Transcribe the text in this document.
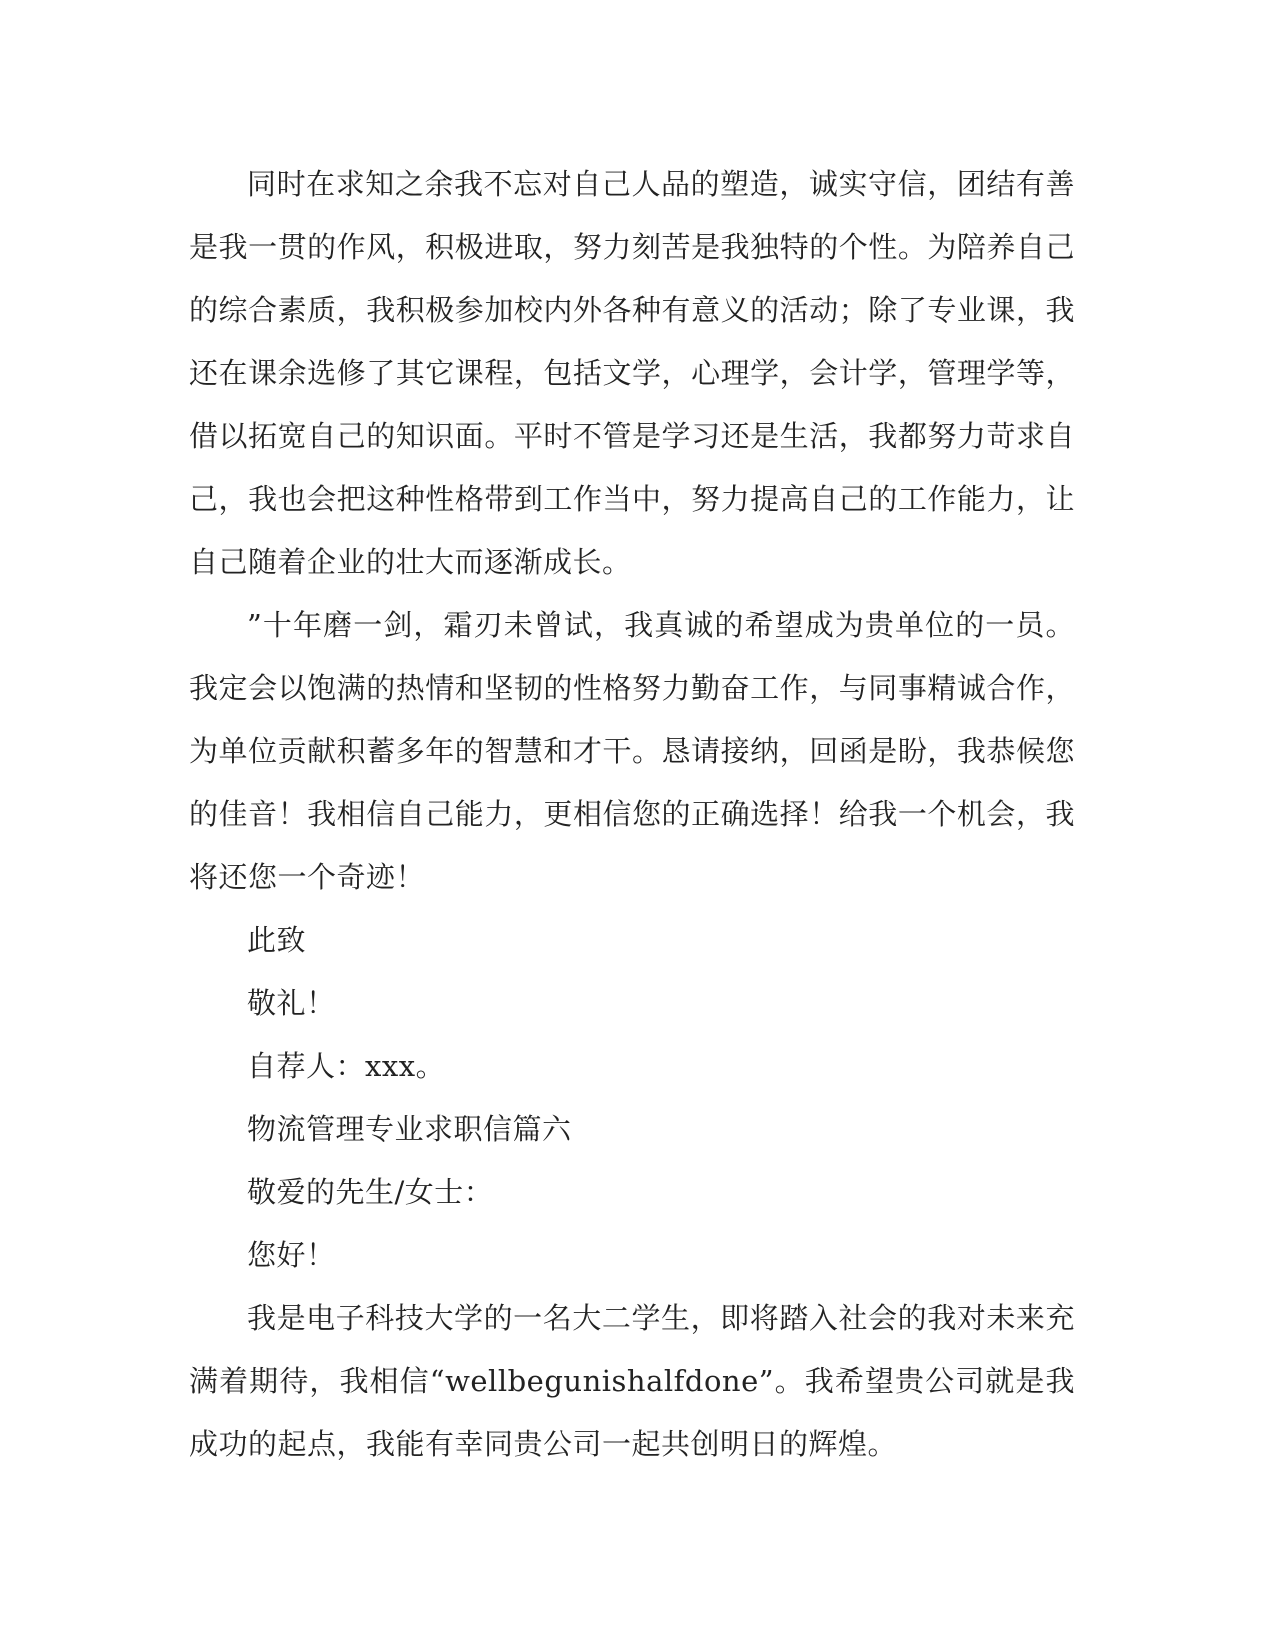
同时在求知之余我不忘对自己人品的塑造，诚实守信，团结有善是我一贯的作风，积极进取，努力刻苦是我独特的个性。为陪养自己的综合素质，我积极参加校内外各种有意义的活动；除了专业课，我还在课余选修了其它课程，包括文学，心理学，会计学，管理学等，借以拓宽自己的知识面。平时不管是学习还是生活，我都努力苛求自己，我也会把这种性格带到工作当中，努力提高自己的工作能力，让自己随着企业的壮大而逐渐成长。

”十年磨一剑，霜刃未曾试，我真诚的希望成为贵单位的一员。我定会以饱满的热情和坚韧的性格努力勤奋工作，与同事精诚合作，为单位贡献积蓄多年的智慧和才干。恳请接纳，回函是盼，我恭候您的佳音！我相信自己能力，更相信您的正确选择！给我一个机会，我将还您一个奇迹！

此致

敬礼！

自荐人：xxx。

物流管理专业求职信篇六

敬爱的先生/女士：

您好！

我是电子科技大学的一名大二学生，即将踏入社会的我对未来充满着期待，我相信“wellbegunishalfdone”。我希望贵公司就是我成功的起点，我能有幸同贵公司一起共创明日的辉煌。
